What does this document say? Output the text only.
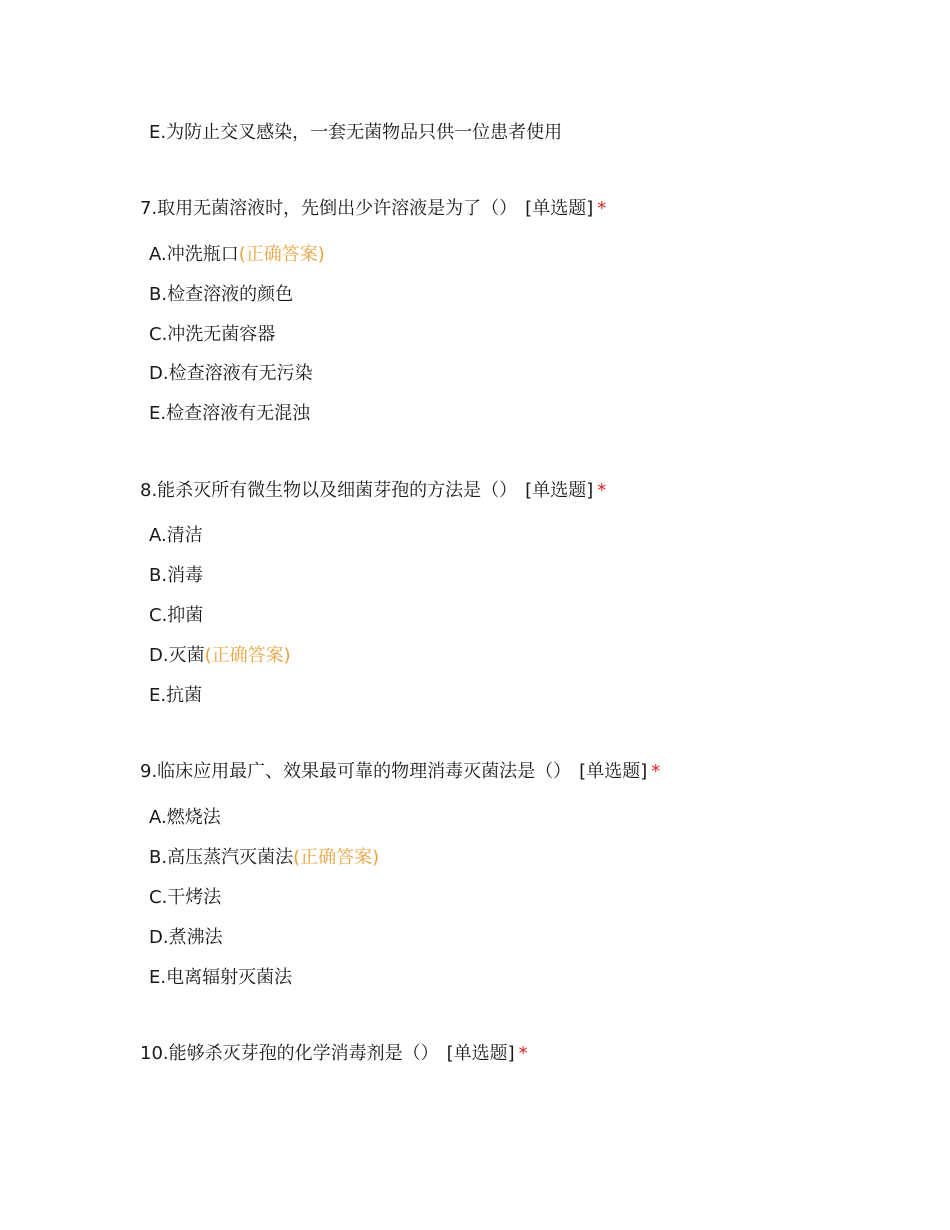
E.为防止交叉感染，一套无菌物品只供一位患者使用
7.取用无菌溶液时，先倒出少许溶液是为了（） [单选题] *
A.冲洗瓶口(正确答案)
B.检查溶液的颜色
C.冲洗无菌容器
D.检查溶液有无污染
E.检查溶液有无混浊
8.能杀灭所有微生物以及细菌芽孢的方法是（） [单选题] *
A.清洁
B.消毒
C.抑菌
D.灭菌(正确答案)
E.抗菌
9.临床应用最广、效果最可靠的物理消毒灭菌法是（） [单选题] *
A.燃烧法
B.高压蒸汽灭菌法(正确答案)
C.干烤法
D.煮沸法
E.电离辐射灭菌法
10.能够杀灭芽孢的化学消毒剂是（） [单选题] *
